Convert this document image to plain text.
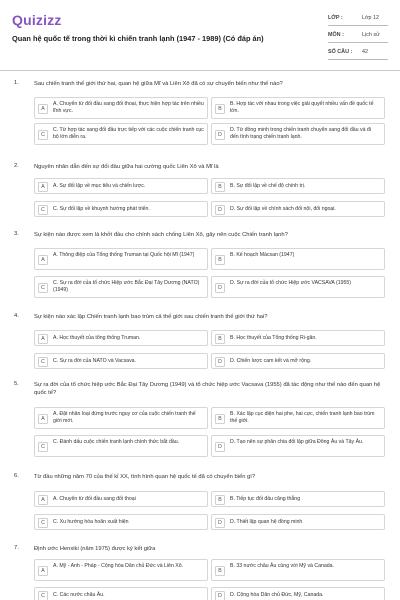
Quizizz
Quan hệ quốc tế trong thời kì chiến tranh lạnh (1947 - 1989) (Có đáp án)
LỚP :	Lớp 12
MÔN :	Lịch sử
SỐ CÂU : 42
1.	Sau chiến tranh thế giới thứ hai, quan hệ giữa Mĩ và Liên Xô đã có sự chuyển biến như thế nào?
A
A. Chuyển từ đối đầu sang đối thoại, thực hiện hợp tác trên nhiều lĩnh vực.	B
B. Hợp tác với nhau trong việc giải quyết nhiều vấn đề quốc tế lớn.
C
C. Từ hợp tác sang đối đầu trực tiếp với các cuộc chiến tranh cục bộ lớn diễn ra.	D
D. Từ đồng minh trong chiến tranh chuyển sang đối đầu và đi đến tình trạng chiến tranh lạnh.
2.	Nguyên nhân dẫn đến sự đối đầu giữa hai cường quốc Liên Xô và Mĩ là
A	A. Sự đối lập về mục tiêu và chiến lược.	B	B. Sự đối lập về chế độ chính trị.
C	C. Sự đối lập về khuynh hướng phát triển.	D	D. Sự đối lập về chính sách đối nội, đối ngoại.
3.	Sự kiện nào được xem là khởi đầu cho chính sách chống Liên Xô, gây nên cuộc Chiến tranh lạnh?
A
A. Thông điệp của Tổng thống Truman tại Quốc hội Mĩ (1947)
B
B. Kế hoạch Mácsan (1947)
C
C. Sự ra đời của tổ chức Hiệp ước Bắc Đại Tây Dương (NATO) (1949)	D
D. Sự ra đời của tổ chức Hiệp ước VACSAVA (1955)
4.	Sự kiện nào xác lập Chiến tranh lạnh bao trùm cả thế giới sau chiến tranh thế giới thứ hai?
A	A. Học thuyết của tổng thống Truman.	B	B. Học thuyết của Tổng thống Ri-gân.
C	C. Sự ra đời của NATO và Vacsava.	D	D. Chiến lược cam kết và mở rộng.
5.	Sự ra đời của tổ chức hiệp ước Bắc Đại Tây Dương (1949) và tổ chức hiệp ước Vacsava (1955) đã tác động như thế nào đến quan hệ quốc tế?
A
A. Đặt nhân loại đứng trước nguy cơ của cuộc chiến tranh thế giới mới.	B
B. Xác lập cục diện hai phe, hai cực, chiến tranh lạnh bao trùm thế giới.
C
C. Đánh dấu cuộc chiến tranh lạnh chính thức bắt đầu.
D
D. Tạo nên sự phân chia đối lập giữa Đông Âu và Tây Âu.
6.	Từ đầu những năm 70 của thế kỉ XX, tình hình quan hệ quốc tế đã có chuyển biến gì?
A	A. Chuyển từ đối đầu sang đối thoại	B	B. Tiếp tục đối đầu căng thẳng
C	C. Xu hướng hòa hoãn xuất hiện	D	D. Thiết lập quan hệ đồng minh
7.	Định ước Henxiki (năm 1975) được ký kết giữa
A
A. Mỹ - Anh - Pháp - Cộng hòa Dân chủ Đức và Liên Xô.
B
B. 33 nước châu Âu cùng với Mỹ và Canada.
C	C. Các nước châu Âu.	D	D. Cộng hòa Dân chủ Đức, Mỹ, Canada.
